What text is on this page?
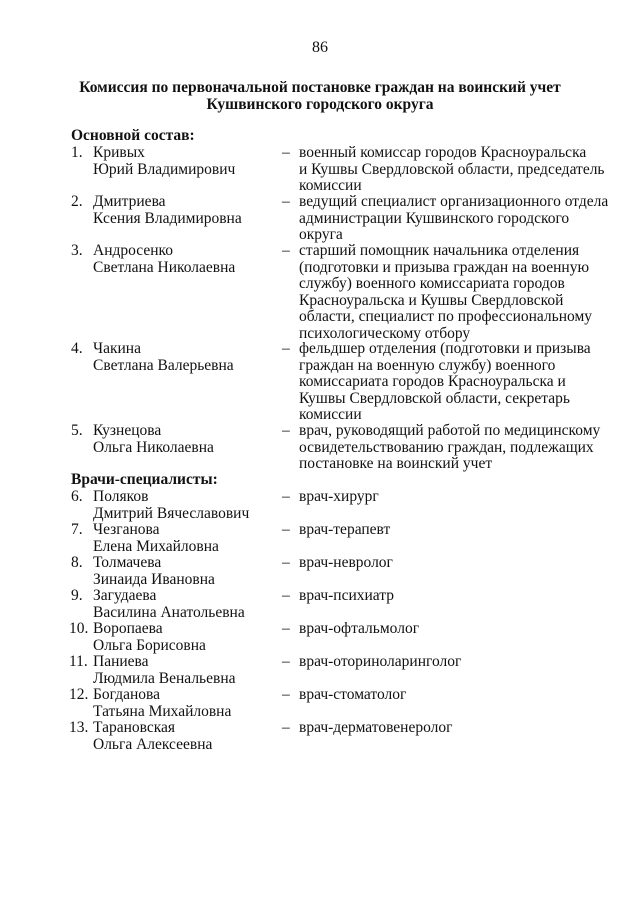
86
Комиссия по первоначальной постановке граждан на воинский учет
Кушвинского городского округа
Основной состав:
1. Кривых
Юрий Владимирович
– военный комиссар городов Красноуральска
и Кушвы Свердловской области, председатель
комиссии
2. Дмитриева
Ксения Владимировна
– ведущий специалист организационного отдела
администрации Кушвинского городского
округа
3. Андросенко
Светлана Николаевна
– старший помощник начальника отделения
(подготовки и призыва граждан на военную
службу) военного комиссариата городов
Красноуральска и Кушвы Свердловской
области, специалист по профессиональному
психологическому отбору
4. Чакина
Светлана Валерьевна
– фельдшер отделения (подготовки и призыва
граждан на военную службу) военного
комиссариата городов Красноуральска и
Кушвы Свердловской области, секретарь
комиссии
5. Кузнецова
Ольга Николаевна
– врач, руководящий работой по медицинскому
освидетельствованию граждан, подлежащих
постановке на воинский учет
Врачи-специалисты:
6. Поляков
Дмитрий Вячеславович
– врач-хирург
7. Чезганова
Елена Михайловна
– врач-терапевт
8. Толмачева
Зинаида Ивановна
– врач-невролог
9. Загудаева
Василина Анатольевна
– врач-психиатр
10. Воропаева
Ольга Борисовна
– врач-офтальмолог
11. Паниева
Людмила Венальевна
– врач-оториноларинголог
12. Богданова
Татьяна Михайловна
– врач-стоматолог
13. Тарановская
Ольга Алексеевна
– врач-дерматовенеролог
